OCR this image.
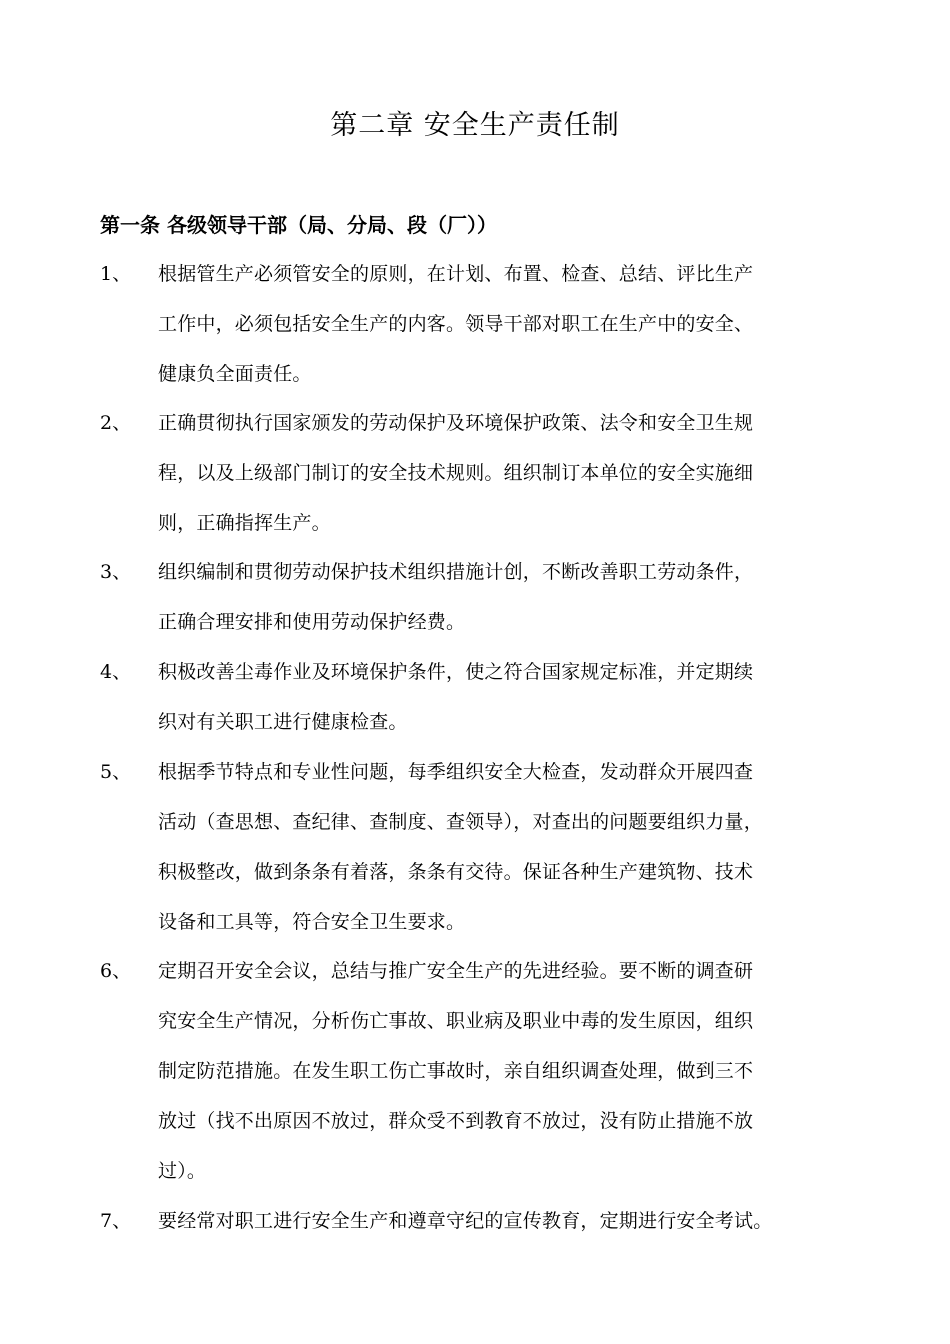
第二章 安全生产责任制
第一条 各级领导干部（局、分局、段（厂））
1、	根据管生产必须管安全的原则，在计划、布置、检查、总结、评比生产
工作中，必须包括安全生产的内客。领导干部对职工在生产中的安全、
健康负全面责任。
2、	正确贯彻执行国家颁发的劳动保护及环境保护政策、法令和安全卫生规
程，以及上级部门制订的安全技术规则。组织制订本单位的安全实施细
则，正确指挥生产。
3、	组织编制和贯彻劳动保护技术组织措施计创，不断改善职工劳动条件，
正确合理安排和使用劳动保护经费。
4、	积极改善尘毒作业及环境保护条件，使之符合国家规定标准，并定期续
织对有关职工进行健康检查。
5、	根据季节特点和专业性问题，每季组织安全大检查，发动群众开展四查
活动（查思想、查纪律、查制度、查领导），对查出的问题要组织力量，
积极整改，做到条条有着落，条条有交待。保证各种生产建筑物、技术
设备和工具等，符合安全卫生要求。
6、	定期召开安全会议，总结与推广安全生产的先进经验。要不断的调查研
究安全生产情况，分析伤亡事故、职业病及职业中毒的发生原因，组织
制定防范措施。在发生职工伤亡事故时，亲自组织调查处理，做到三不
放过（找不出原因不放过，群众受不到教育不放过，没有防止措施不放
过）。
7、	要经常对职工进行安全生产和遵章守纪的宣传教育，定期进行安全考试。
